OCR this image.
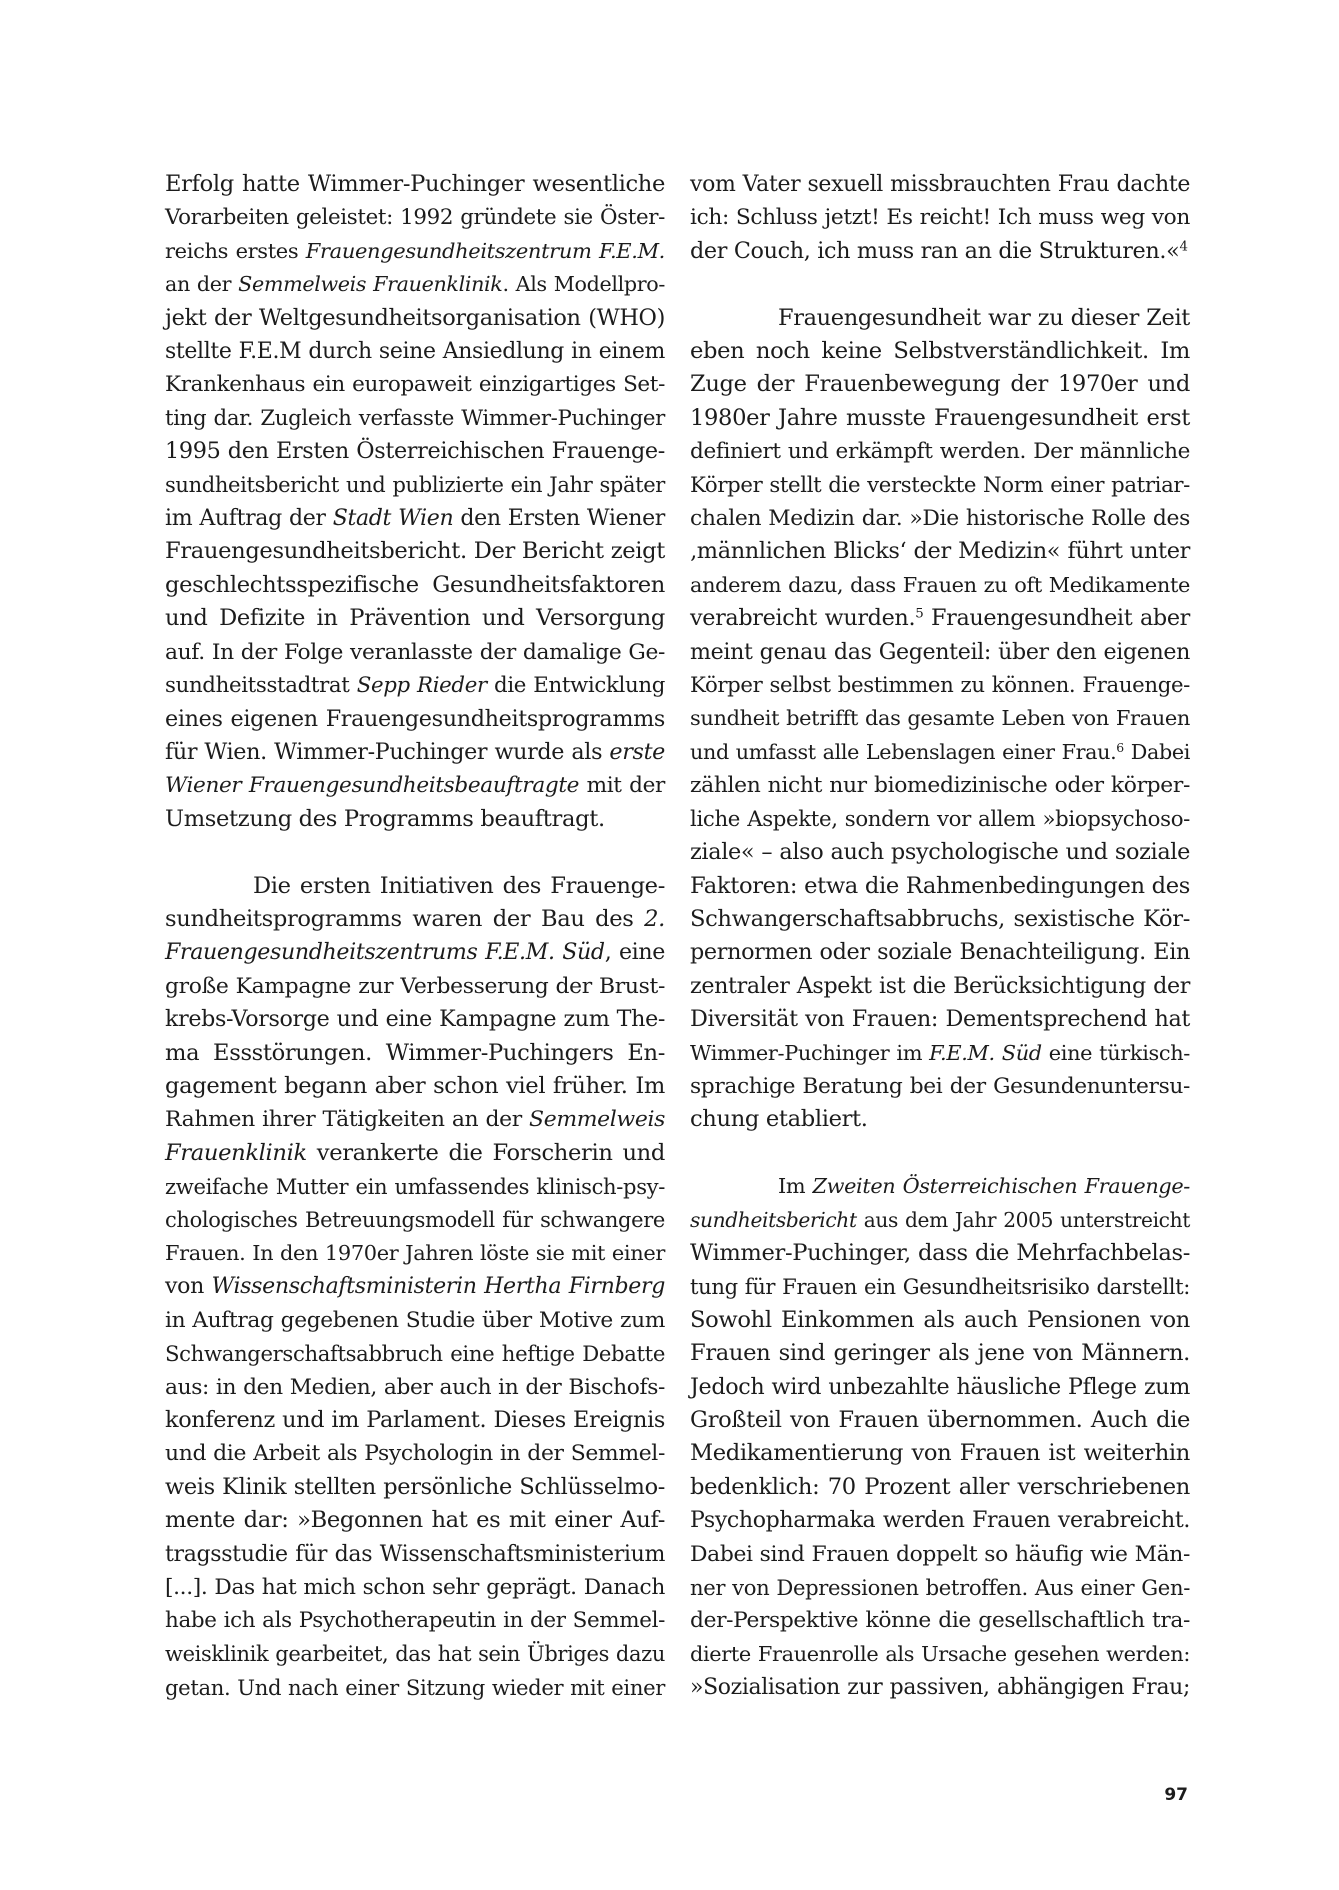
Erfolg hatte Wimmer-Puchinger wesentliche
Vorarbeiten geleistet: 1992 gründete sie Öster-
reichs erstes Frauengesundheitszentrum F.E.M.
an der Semmelweis Frauenklinik. Als Modellpro-
jekt der Weltgesundheitsorganisation (WHO)
stellte F.E.M durch seine Ansiedlung in einem
Krankenhaus ein europaweit einzigartiges Set-
ting dar. Zugleich verfasste Wimmer-Puchinger
1995 den Ersten Österreichischen Frauenge-
sundheitsbericht und publizierte ein Jahr später
im Auftrag der Stadt Wien den Ersten Wiener
Frauengesundheitsbericht. Der Bericht zeigt
geschlechtsspezifische Gesundheitsfaktoren
und Defizite in Prävention und Versorgung
auf. In der Folge veranlasste der damalige Ge-
sundheitsstadtrat Sepp Rieder die Entwicklung
eines eigenen Frauengesundheitsprogramms
für Wien. Wimmer-Puchinger wurde als erste
Wiener Frauengesundheitsbeauftragte mit der
Umsetzung des Programms beauftragt.

Die ersten Initiativen des Frauenge-
sundheitsprogramms waren der Bau des 2.
Frauengesundheitszentrums F.E.M. Süd, eine
große Kampagne zur Verbesserung der Brust-
krebs-Vorsorge und eine Kampagne zum The-
ma Essstörungen. Wimmer-Puchingers En-
gagement begann aber schon viel früher. Im
Rahmen ihrer Tätigkeiten an der Semmelweis
Frauenklinik verankerte die Forscherin und
zweifache Mutter ein umfassendes klinisch-psy-
chologisches Betreuungsmodell für schwangere
Frauen. In den 1970er Jahren löste sie mit einer
von Wissenschaftsministerin Hertha Firnberg
in Auftrag gegebenen Studie über Motive zum
Schwangerschaftsabbruch eine heftige Debatte
aus: in den Medien, aber auch in der Bischofs-
konferenz und im Parlament. Dieses Ereignis
und die Arbeit als Psychologin in der Semmel-
weis Klinik stellten persönliche Schlüsselmo-
mente dar: »Begonnen hat es mit einer Auf-
tragsstudie für das Wissenschaftsministerium
[...]. Das hat mich schon sehr geprägt. Danach
habe ich als Psychotherapeutin in der Semmel-
weisklinik gearbeitet, das hat sein Übriges dazu
getan. Und nach einer Sitzung wieder mit einer

vom Vater sexuell missbrauchten Frau dachte
ich: Schluss jetzt! Es reicht! Ich muss weg von
der Couch, ich muss ran an die Strukturen.«$^4$

Frauengesundheit war zu dieser Zeit
eben noch keine Selbstverständlichkeit. Im
Zuge der Frauenbewegung der 1970er und
1980er Jahre musste Frauengesundheit erst
definiert und erkämpft werden. Der männliche
Körper stellt die versteckte Norm einer patriar-
chalen Medizin dar. »Die historische Rolle des
‚männlichen Blicks‘ der Medizin« führt unter
anderem dazu, dass Frauen zu oft Medikamente
verabreicht wurden.$^5$ Frauengesundheit aber
meint genau das Gegenteil: über den eigenen
Körper selbst bestimmen zu können. Frauenge-
sundheit betrifft das gesamte Leben von Frauen
und umfasst alle Lebenslagen einer Frau.$^6$ Dabei
zählen nicht nur biomedizinische oder körper-
liche Aspekte, sondern vor allem »biopsychoso-
ziale« – also auch psychologische und soziale
Faktoren: etwa die Rahmenbedingungen des
Schwangerschaftsabbruchs, sexistische Kör-
pernormen oder soziale Benachteiligung. Ein
zentraler Aspekt ist die Berücksichtigung der
Diversität von Frauen: Dementsprechend hat
Wimmer-Puchinger im F.E.M. Süd eine türkisch-
sprachige Beratung bei der Gesundenuntersu-
chung etabliert.

Im Zweiten Österreichischen Frauenge-
sundheitsbericht aus dem Jahr 2005 unterstreicht
Wimmer-Puchinger, dass die Mehrfachbelas-
tung für Frauen ein Gesundheitsrisiko darstellt:
Sowohl Einkommen als auch Pensionen von
Frauen sind geringer als jene von Männern.
Jedoch wird unbezahlte häusliche Pflege zum
Großteil von Frauen übernommen. Auch die
Medikamentierung von Frauen ist weiterhin
bedenklich: 70 Prozent aller verschriebenen
Psychopharmaka werden Frauen verabreicht.
Dabei sind Frauen doppelt so häufig wie Män-
ner von Depressionen betroffen. Aus einer Gen-
der-Perspektive könne die gesellschaftlich tra-
dierte Frauenrolle als Ursache gesehen werden:
»Sozialisation zur passiven, abhängigen Frau;

97
